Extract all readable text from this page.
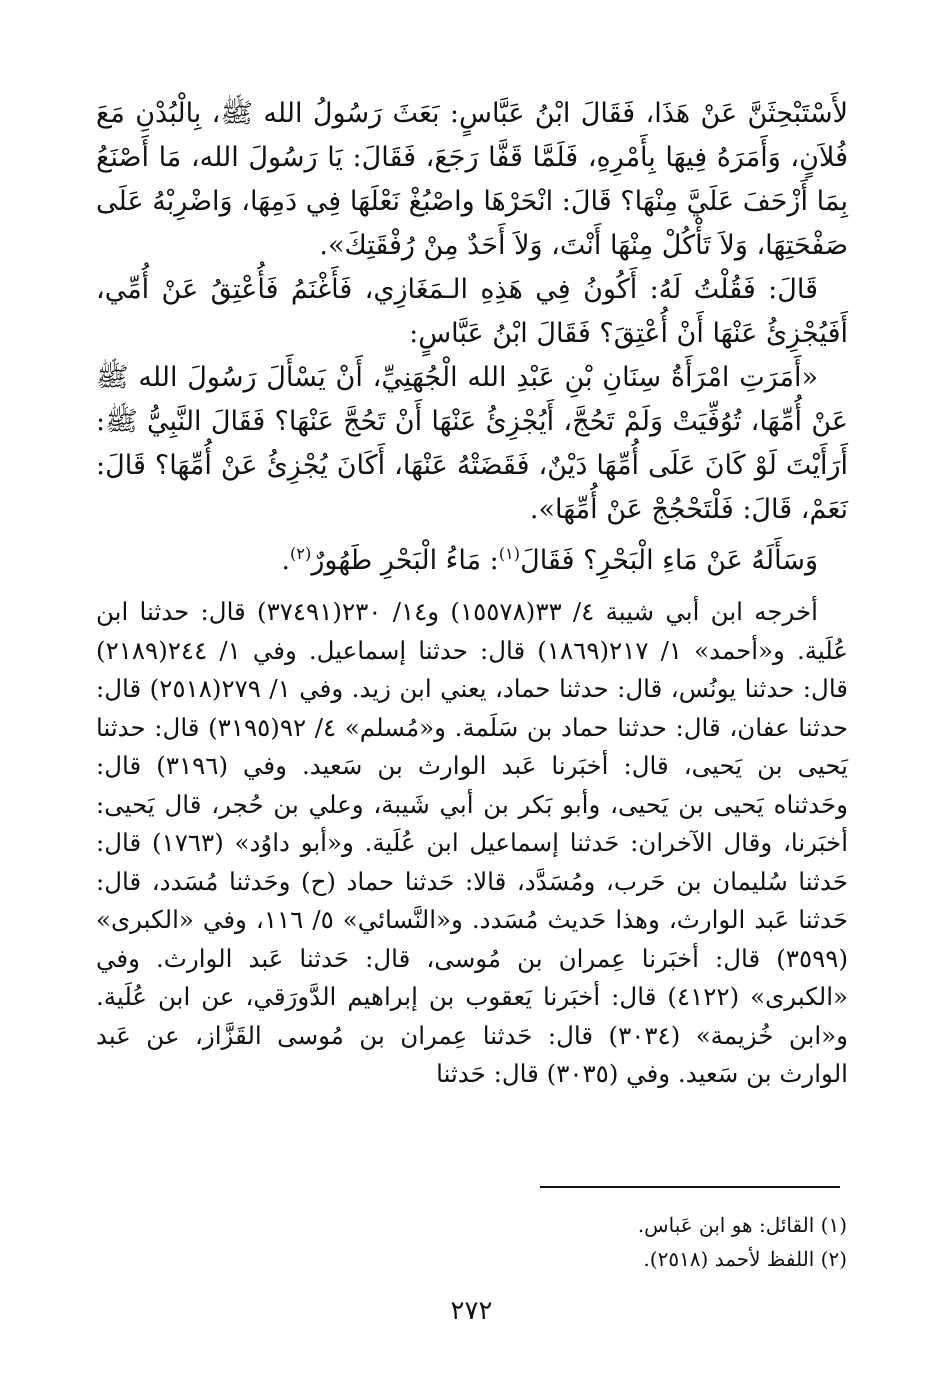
لأَسْتَبْحِثَنَّ عَنْ هَذَا، فَقَالَ ابْنُ عَبَّاسٍ: بَعَثَ رَسُولُ الله ﷺ، بِالْبُدْنِ مَعَ فُلاَنٍ، وَأَمَرَهُ فِيهَا بِأَمْرِهِ، فَلَمَّا قَفَّا رَجَعَ، فَقَالَ: يَا رَسُولَ الله، مَا أَصْنَعُ بِمَا أَزْحَفَ عَلَيَّ مِنْهَا؟ قَالَ: انْحَرْهَا واصْبُغْ نَعْلَهَا فِي دَمِهَا، وَاضْرِبْهُ عَلَى صَفْحَتِهَا، وَلاَ تَأْكُلْ مِنْهَا أَنْتَ، وَلاَ أَحَدٌ مِنْ رُفْقَتِكَ».

قَالَ: فَقُلْتُ لَهُ: أَكُونُ فِي هَذِهِ الـمَغَازِي، فَأَغْنَمُ فَأُعْتِقُ عَنْ أُمِّي، أَفَيُجْزِئُ عَنْهَا أَنْ أُعْتِقَ؟ فَقَالَ ابْنُ عَبَّاسٍ:

«أَمَرَتِ امْرَأَةُ سِنَانِ بْنِ عَبْدِ الله الْجُهَنِيِّ، أَنْ يَسْأَلَ رَسُولَ الله ﷺ عَنْ أُمِّهَا، تُوُفِّيَتْ وَلَمْ تَحُجَّ، أَيُجْزِئُ عَنْهَا أَنْ تَحُجَّ عَنْهَا؟ فَقَالَ النَّبِيُّ ﷺ: أَرَأَيْتَ لَوْ كَانَ عَلَى أُمِّهَا دَيْنٌ، فَقَضَتْهُ عَنْهَا، أَكَانَ يُجْزِئُ عَنْ أُمِّهَا؟ قَالَ: نَعَمْ، قَالَ: فَلْتَحْجُجْ عَنْ أُمِّهَا».

وَسَأَلَهُ عَنْ مَاءِ الْبَحْرِ؟ فَقَالَ$^{(١)}$: مَاءُ الْبَحْرِ طَهُورٌ$^{(٢)}$.

أخرجه ابن أبي شيبة ٤/ ٣٣(١٥٥٧٨) و١٤/ ٢٣٠(٣٧٤٩١) قال: حدثنا ابن عُلَية. و«أحمد» ١/ ٢١٧(١٨٦٩) قال: حدثنا إسماعيل. وفي ١/ ٢٤٤(٢١٨٩) قال: حدثنا يونُس، قال: حدثنا حماد، يعني ابن زيد. وفي ١/ ٢٧٩(٢٥١٨) قال: حدثنا عفان، قال: حدثنا حماد بن سَلَمة. و«مُسلم» ٤/ ٩٢(٣١٩٥) قال: حدثنا يَحيى بن يَحيى، قال: أخبَرنا عَبد الوارث بن سَعيد. وفي (٣١٩٦) قال: وحَدثناه يَحيى بن يَحيى، وأبو بَكر بن أبي شَيبة، وعلي بن حُجر، قال يَحيى: أخبَرنا، وقال الآخران: حَدثنا إسماعيل ابن عُلَية. و«أبو داوُد» (١٧٦٣) قال: حَدثنا سُليمان بن حَرب، ومُسَدَّد، قالا: حَدثنا حماد (ح) وحَدثنا مُسَدد، قال: حَدثنا عَبد الوارث، وهذا حَديث مُسَدد. و«النَّسائي» ٥/ ١١٦، وفي «الكبرى» (٣٥٩٩) قال: أخبَرنا عِمران بن مُوسى، قال: حَدثنا عَبد الوارث. وفي «الكبرى» (٤١٢٢) قال: أخبَرنا يَعقوب بن إبراهيم الدَّورَقي، عن ابن عُلَية. و«ابن خُزيمة» (٣٠٣٤) قال: حَدثنا عِمران بن مُوسى القَزَّاز، عن عَبد الوارث بن سَعيد. وفي (٣٠٣٥) قال: حَدثنا

(١) القائل: هو ابن عَباس.

(٢) اللفظ لأحمد (٢٥١٨).

٢٧٢
